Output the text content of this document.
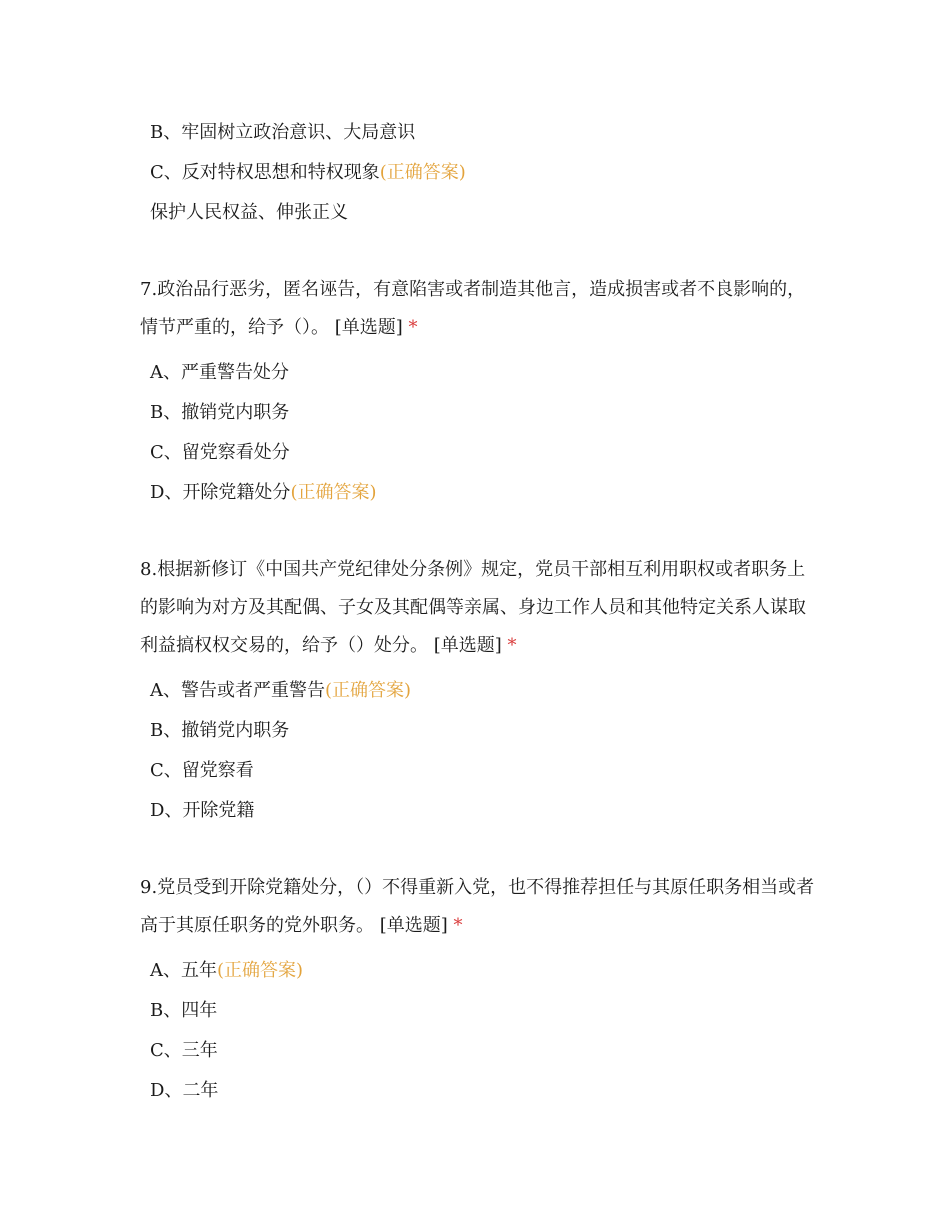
B、牢固树立政治意识、大局意识
C、反对特权思想和特权现象(正确答案)
保护人民权益、伸张正义
7.政治品行恶劣，匿名诬告，有意陷害或者制造其他言，造成损害或者不良影响的，情节严重的，给予（）。 [单选题] *
A、严重警告处分
B、撤销党内职务
C、留党察看处分
D、开除党籍处分(正确答案)
8.根据新修订《中国共产党纪律处分条例》规定，党员干部相互利用职权或者职务上的影响为对方及其配偶、子女及其配偶等亲属、身边工作人员和其他特定关系人谋取利益搞权权交易的，给予（）处分。 [单选题] *
A、警告或者严重警告(正确答案)
B、撤销党内职务
C、留党察看
D、开除党籍
9.党员受到开除党籍处分，（）不得重新入党，也不得推荐担任与其原任职务相当或者高于其原任职务的党外职务。 [单选题] *
A、五年(正确答案)
B、四年
C、三年
D、二年
